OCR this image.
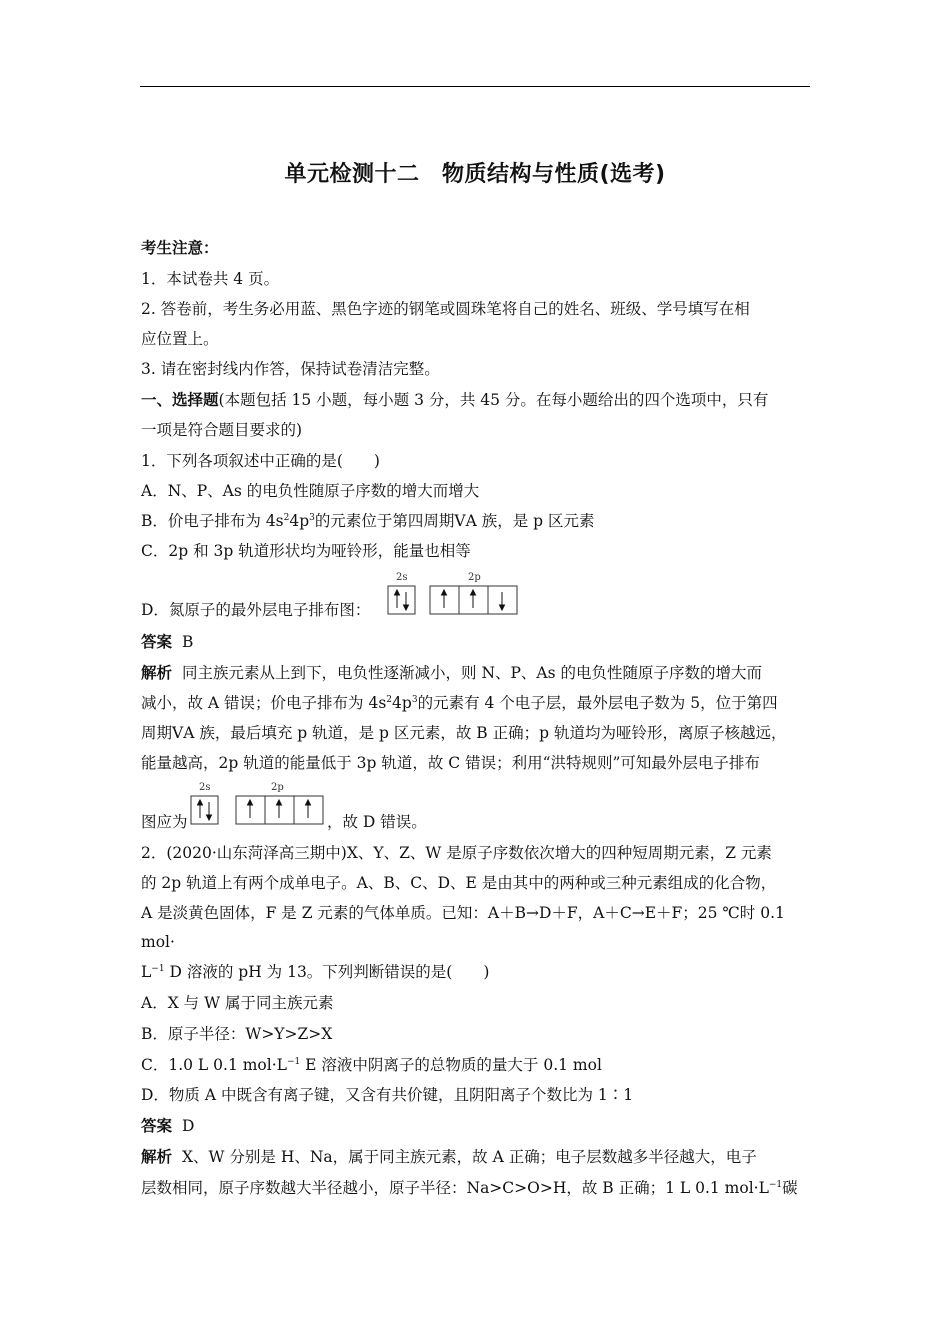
单元检测十二　物质结构与性质(选考)
考生注意：
1．本试卷共 4 页。
2. 答卷前，考生务必用蓝、黑色字迹的钢笔或圆珠笔将自己的姓名、班级、学号填写在相
应位置上。
3. 请在密封线内作答，保持试卷清洁完整。
一、选择题(本题包括 15 小题，每小题 3 分，共 45 分。在每小题给出的四个选项中，只有
一项是符合题目要求的)
1．下列各项叙述中正确的是(　　)
A．N、P、As 的电负性随原子序数的增大而增大
B．价电子排布为 $4s^24p^3$的元素位于第四周期ⅤA 族，是 p 区元素
C．2p 和 3p 轨道形状均为哑铃形，能量也相等
D．氮原子的最外层电子排布图：
2s	2p
答案 B
解析 同主族元素从上到下，电负性逐渐减小，则 N、P、As 的电负性随原子序数的增大而
减小，故 A 错误；价电子排布为 $4s^24p^3$的元素有 4 个电子层，最外层电子数为 5，位于第四
周期ⅤA 族，最后填充 p 轨道，是 p 区元素，故 B 正确；p 轨道均为哑铃形，离原子核越远，
能量越高，2p 轨道的能量低于 3p 轨道，故 C 错误；利用“洪特规则”可知最外层电子排布
图应为
2s	2p
，故 D 错误。
2．(2020·山东菏泽高三期中)X、Y、Z、W 是原子序数依次增大的四种短周期元素，Z 元素
的 2p 轨道上有两个成单电子。A、B、C、D、E 是由其中的两种或三种元素组成的化合物，
A 是淡黄色固体，F 是 Z 元素的气体单质。已知：A＋B→D＋F，A＋C→E＋F；25 ℃时 0.1
mol·
$L^{-1}$ D 溶液的 pH 为 13。下列判断错误的是(　　)
A．X 与 W 属于同主族元素
B．原子半径：W>Y>Z>X
C．1.0 L 0.1 $mol\cdot L^{-1}$ E 溶液中阴离子的总物质的量大于 0.1 mol
D．物质 A 中既含有离子键，又含有共价键，且阴阳离子个数比为 1∶1
答案 D
解析 X、W 分别是 H、Na，属于同主族元素，故 A 正确；电子层数越多半径越大，电子
层数相同，原子序数越大半径越小，原子半径：Na>C>O>H，故 B 正确；1 L 0.1 $mol\cdot L^{-1}$碳
